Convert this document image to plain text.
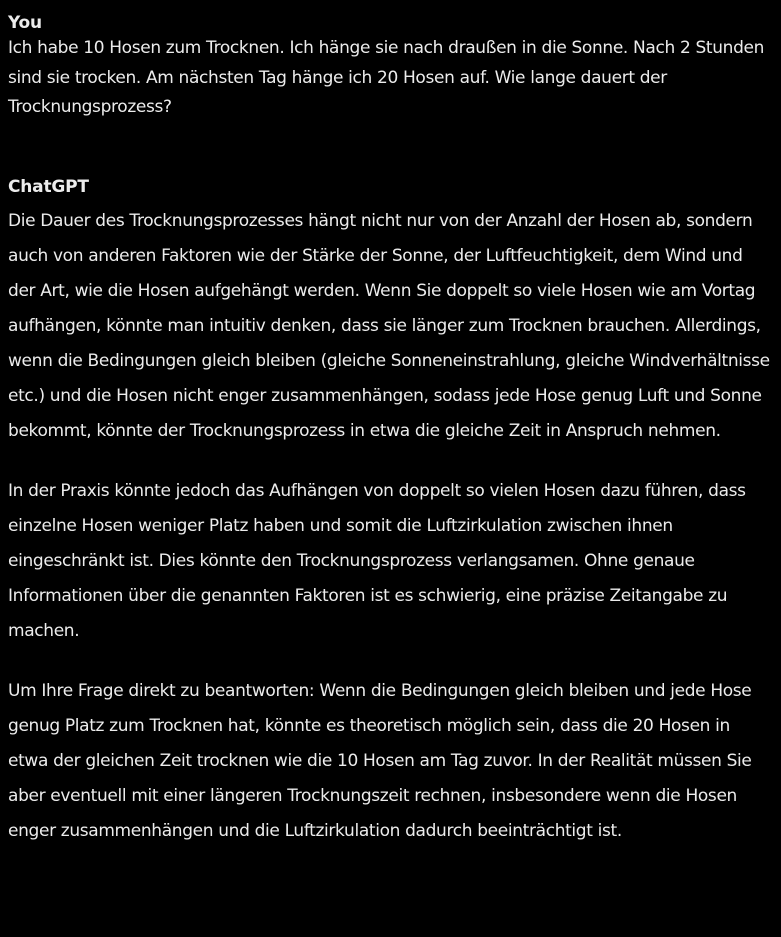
You

Ich habe 10 Hosen zum Trocknen. Ich hänge sie nach draußen in die Sonne. Nach 2 Stunden sind sie trocken. Am nächsten Tag hänge ich 20 Hosen auf. Wie lange dauert der Trocknungsprozess?

ChatGPT

Die Dauer des Trocknungsprozesses hängt nicht nur von der Anzahl der Hosen ab, sondern auch von anderen Faktoren wie der Stärke der Sonne, der Luftfeuchtigkeit, dem Wind und der Art, wie die Hosen aufgehängt werden. Wenn Sie doppelt so viele Hosen wie am Vortag aufhängen, könnte man intuitiv denken, dass sie länger zum Trocknen brauchen. Allerdings, wenn die Bedingungen gleich bleiben (gleiche Sonneneinstrahlung, gleiche Windverhältnisse etc.) und die Hosen nicht enger zusammenhängen, sodass jede Hose genug Luft und Sonne bekommt, könnte der Trocknungsprozess in etwa die gleiche Zeit in Anspruch nehmen.

In der Praxis könnte jedoch das Aufhängen von doppelt so vielen Hosen dazu führen, dass einzelne Hosen weniger Platz haben und somit die Luftzirkulation zwischen ihnen eingeschränkt ist. Dies könnte den Trocknungsprozess verlangsamen. Ohne genaue Informationen über die genannten Faktoren ist es schwierig, eine präzise Zeitangabe zu machen.

Um Ihre Frage direkt zu beantworten: Wenn die Bedingungen gleich bleiben und jede Hose genug Platz zum Trocknen hat, könnte es theoretisch möglich sein, dass die 20 Hosen in etwa der gleichen Zeit trocknen wie die 10 Hosen am Tag zuvor. In der Realität müssen Sie aber eventuell mit einer längeren Trocknungszeit rechnen, insbesondere wenn die Hosen enger zusammenhängen und die Luftzirkulation dadurch beeinträchtigt ist.
